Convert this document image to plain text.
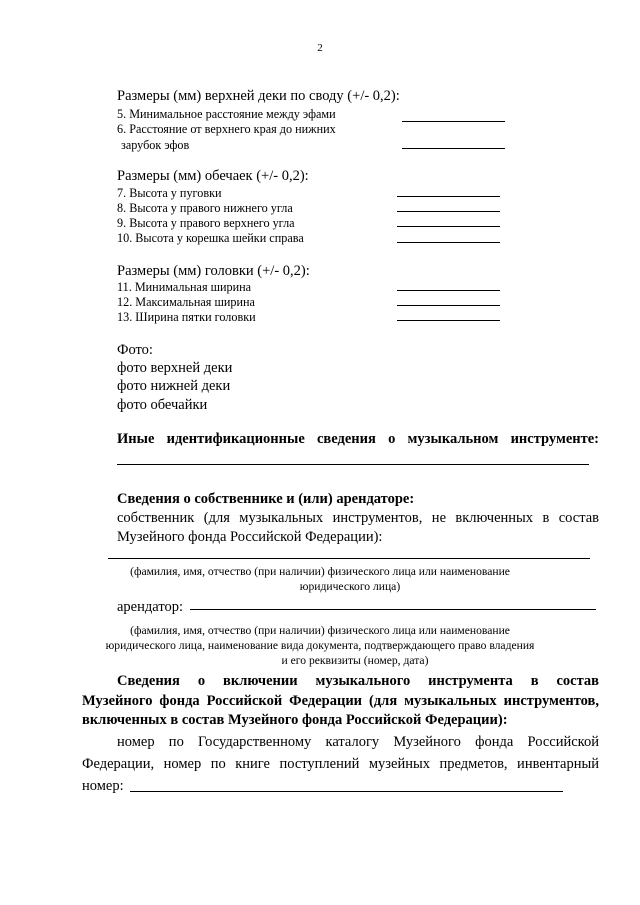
2
Размеры (мм) верхней деки по своду (+/- 0,2):
5. Минимальное расстояние между эфами
6. Расстояние от верхнего края до нижних
зарубок эфов
Размеры (мм) обечаек (+/- 0,2):
7. Высота у пуговки
8. Высота у правого нижнего угла
9. Высота у правого верхнего угла
10. Высота у корешка шейки справа
Размеры (мм) головки (+/- 0,2):
11. Минимальная ширина
12. Максимальная ширина
13. Ширина пятки головки
Фото:
фото верхней деки
фото нижней деки
фото обечайки
Иные идентификационные сведения о музыкальном инструменте:
Сведения о собственнике и (или) арендаторе:
собственник (для музыкальных инструментов, не включенных в состав
Музейного фонда Российской Федерации):
(фамилия, имя, отчество (при наличии) физического лица или наименование
юридического лица)
арендатор:
(фамилия, имя, отчество (при наличии) физического лица или наименование
юридического лица, наименование вида документа, подтверждающего право владения
и его реквизиты (номер, дата)
Сведения о включении музыкального инструмента в состав
Музейного фонда Российской Федерации (для музыкальных инструментов,
включенных в состав Музейного фонда Российской Федерации):
номер по Государственному каталогу Музейного фонда Российской
Федерации, номер по книге поступлений музейных предметов, инвентарный
номер:
